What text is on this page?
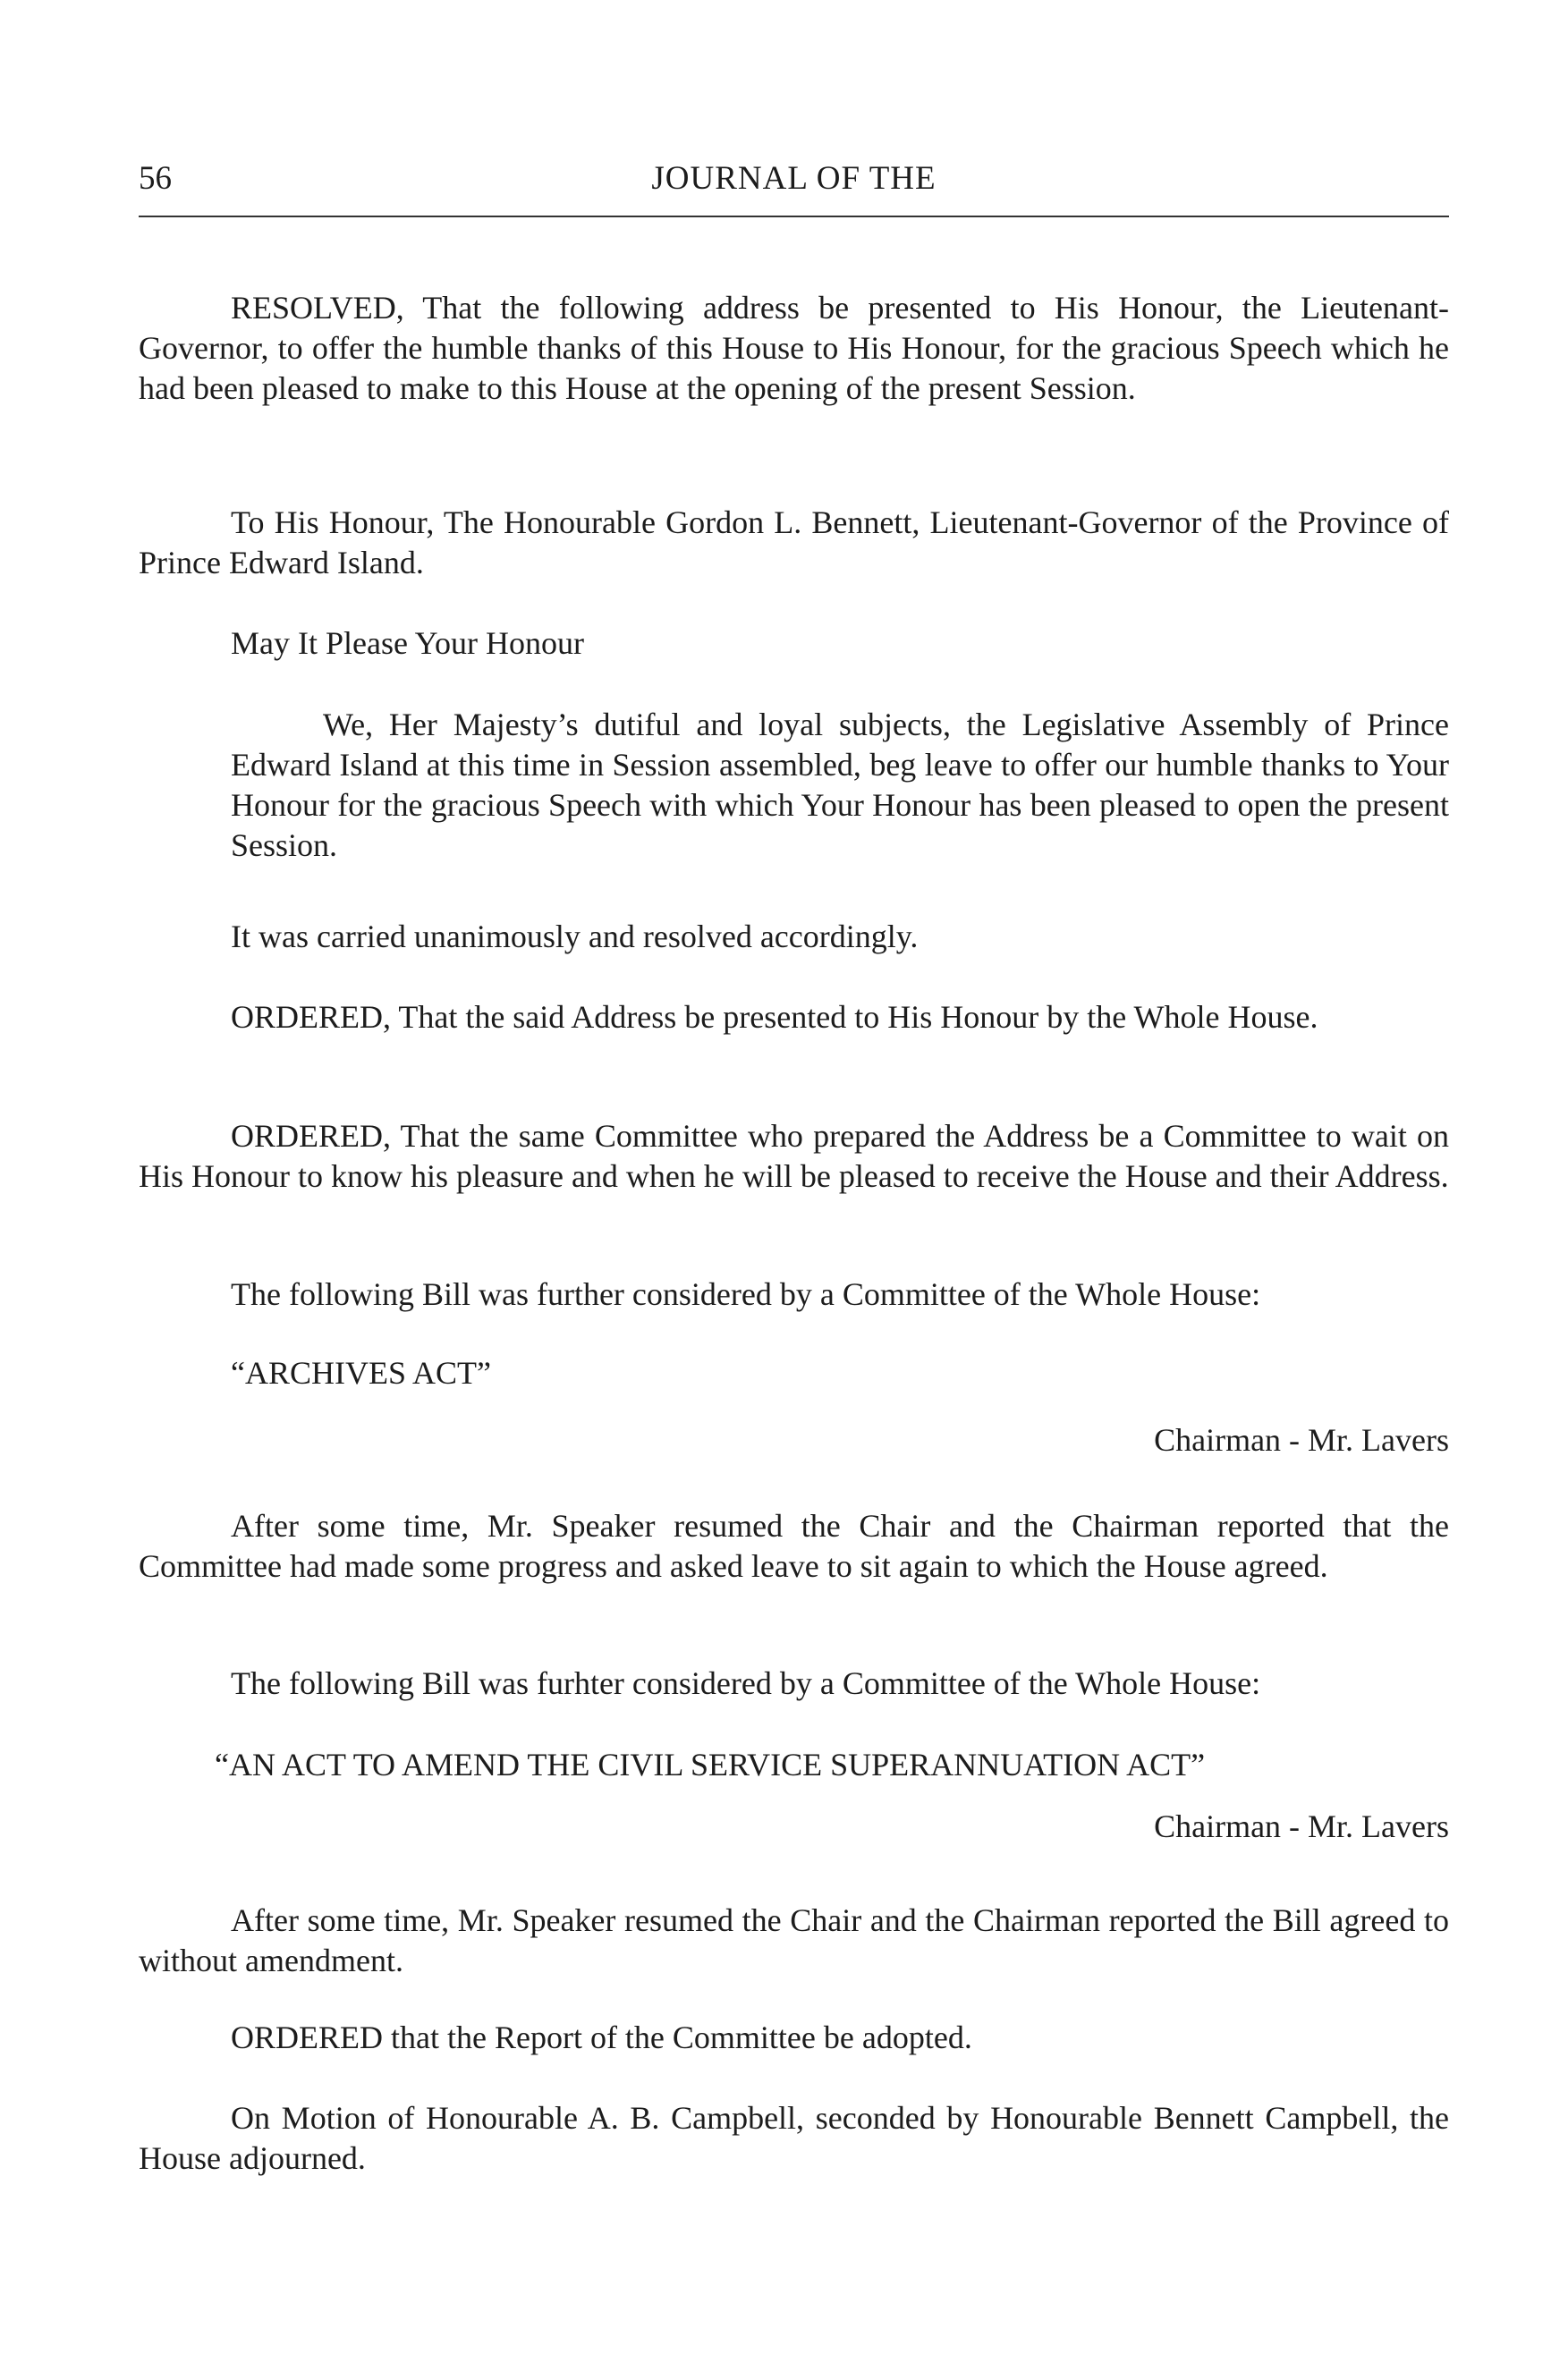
56	JOURNAL OF THE

RESOLVED, That the following address be presented to His Honour, the Lieutenant-Governor, to offer the humble thanks of this House to His Honour, for the gracious Speech which he had been pleased to make to this House at the opening of the present Session.

To His Honour, The Honourable Gordon L. Bennett, Lieutenant-Governor of the Province of Prince Edward Island.

May It Please Your Honour

We, Her Majesty’s dutiful and loyal subjects, the Legislative Assembly of Prince Edward Island at this time in Session assembled, beg leave to offer our humble thanks to Your Honour for the gracious Speech with which Your Honour has been pleased to open the present Session.

It was carried unanimously and resolved accordingly.

ORDERED, That the said Address be presented to His Honour by the Whole House.

ORDERED, That the same Committee who prepared the Address be a Committee to wait on His Honour to know his pleasure and when he will be pleased to receive the House and their Address.

The following Bill was further considered by a Committee of the Whole House:

“ARCHIVES ACT”

Chairman - Mr. Lavers

After some time, Mr. Speaker resumed the Chair and the Chairman reported that the Committee had made some progress and asked leave to sit again to which the House agreed.

The following Bill was furhter considered by a Committee of the Whole House:

“AN ACT TO AMEND THE CIVIL SERVICE SUPERANNUATION ACT”

Chairman - Mr. Lavers

After some time, Mr. Speaker resumed the Chair and the Chairman reported the Bill agreed to without amendment.

ORDERED that the Report of the Committee be adopted.

On Motion of Honourable A. B. Campbell, seconded by Honourable Bennett Campbell, the House adjourned.
